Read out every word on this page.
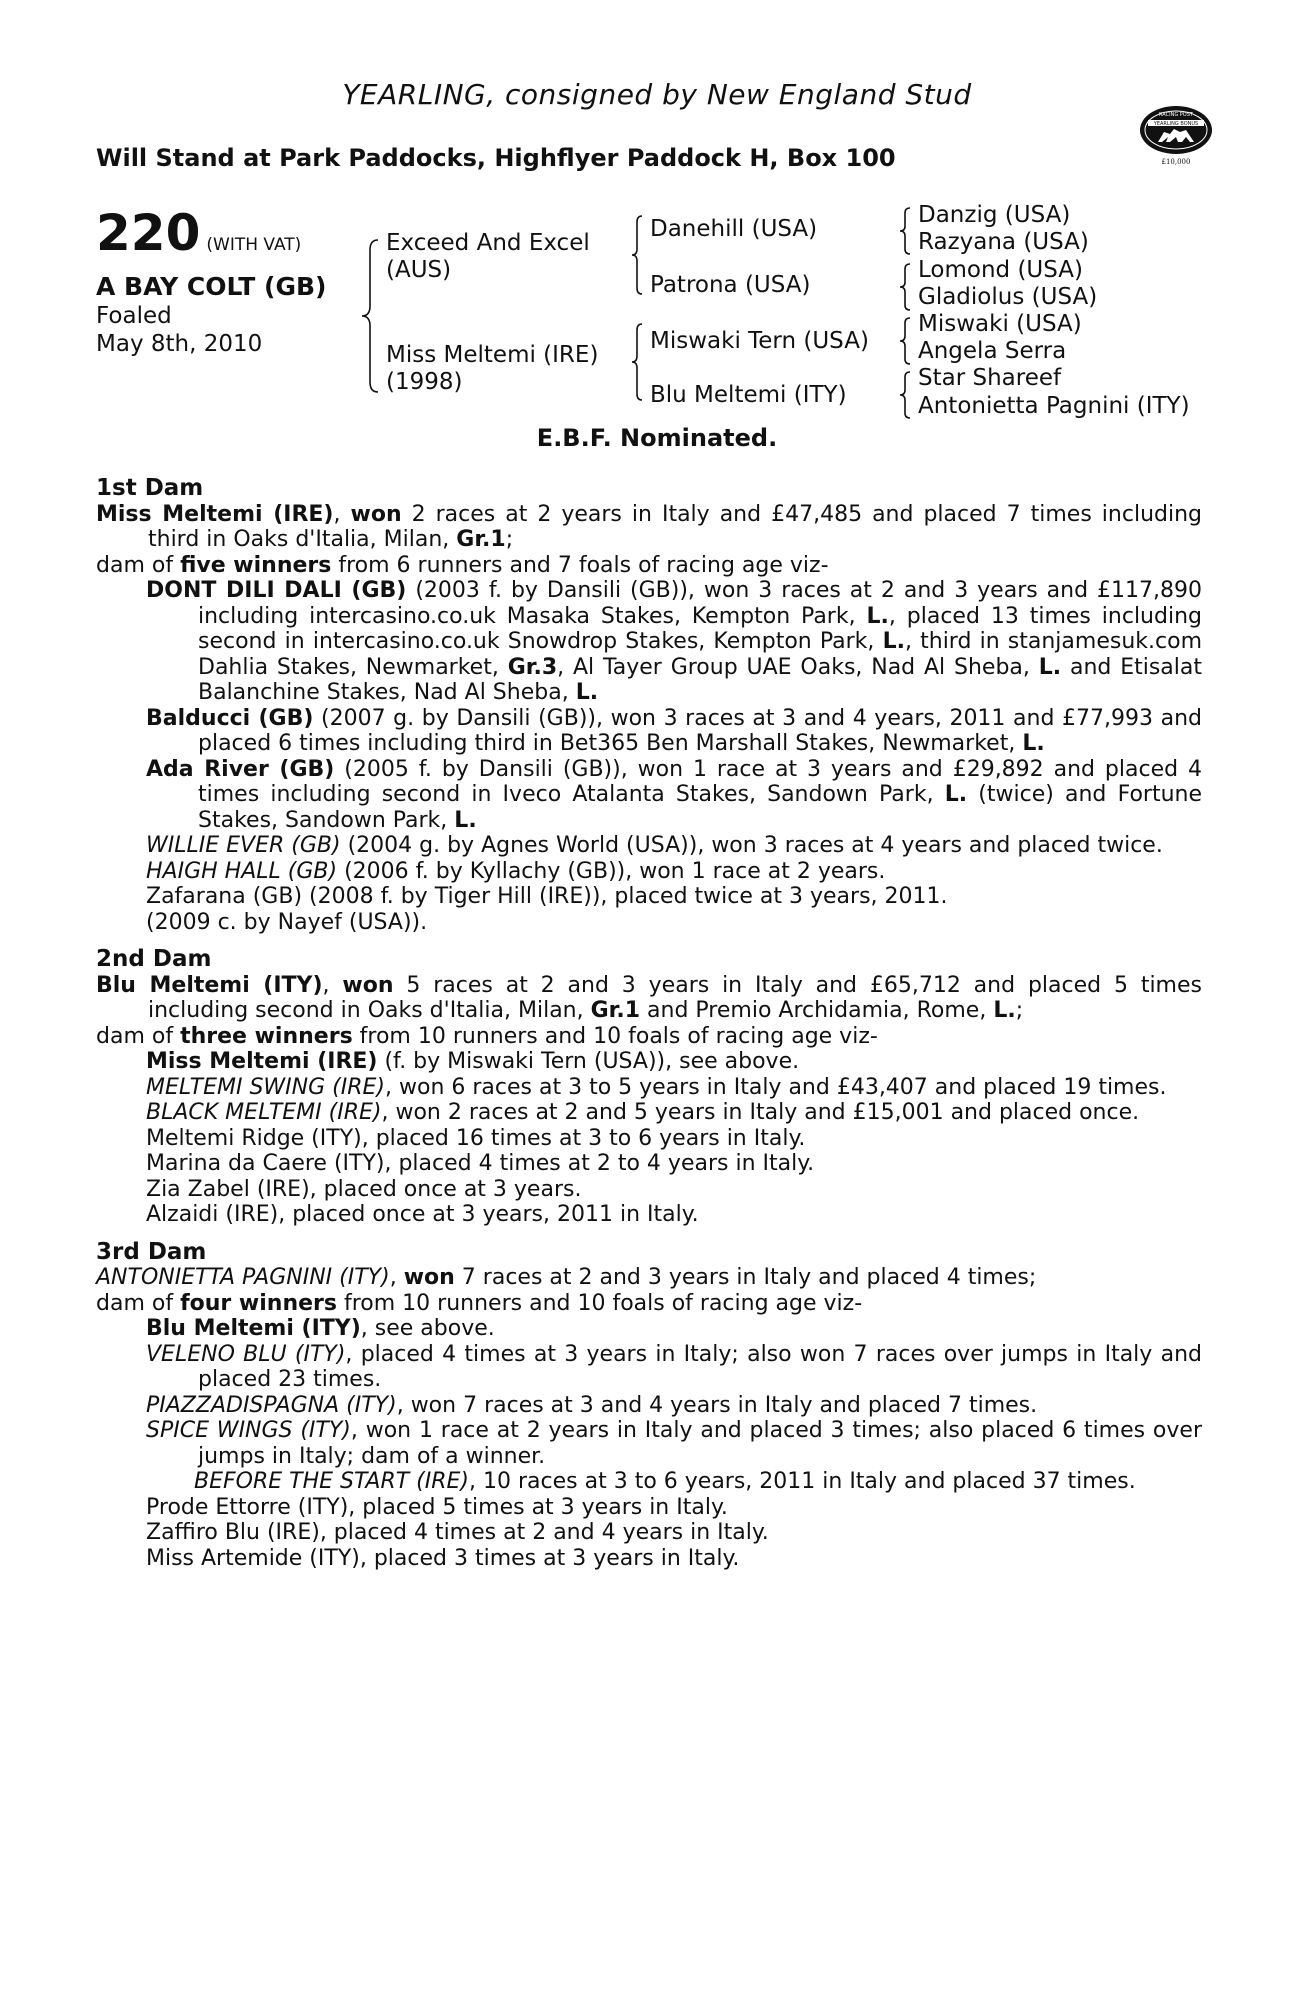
YEARLING, consigned by New England Stud
Will Stand at Park Paddocks, Highflyer Paddock H, Box 100
RACING POST
YEARLING BONUS
£10,000
220 (WITH VAT)
A BAY COLT (GB)
Foaled
May 8th, 2010
Exceed And Excel
(AUS)
Miss Meltemi (IRE)
(1998)
Danehill (USA)
Patrona (USA)
Miswaki Tern (USA)
Blu Meltemi (ITY)
Danzig (USA)
Razyana (USA)
Lomond (USA)
Gladiolus (USA)
Miswaki (USA)
Angela Serra
Star Shareef
Antonietta Pagnini (ITY)
E.B.F. Nominated.
1st Dam
Miss Meltemi (IRE), won 2 races at 2 years in Italy and £47,485 and placed 7 times including third in Oaks d'Italia, Milan, Gr.1;
dam of five winners from 6 runners and 7 foals of racing age viz-
DONT DILI DALI (GB) (2003 f. by Dansili (GB)), won 3 races at 2 and 3 years and £117,890 including intercasino.co.uk Masaka Stakes, Kempton Park, L., placed 13 times including second in intercasino.co.uk Snowdrop Stakes, Kempton Park, L., third in stanjamesuk.com Dahlia Stakes, Newmarket, Gr.3, Al Tayer Group UAE Oaks, Nad Al Sheba, L. and Etisalat Balanchine Stakes, Nad Al Sheba, L.
Balducci (GB) (2007 g. by Dansili (GB)), won 3 races at 3 and 4 years, 2011 and £77,993 and placed 6 times including third in Bet365 Ben Marshall Stakes, Newmarket, L.
Ada River (GB) (2005 f. by Dansili (GB)), won 1 race at 3 years and £29,892 and placed 4 times including second in Iveco Atalanta Stakes, Sandown Park, L. (twice) and Fortune Stakes, Sandown Park, L.
WILLIE EVER (GB) (2004 g. by Agnes World (USA)), won 3 races at 4 years and placed twice.
HAIGH HALL (GB) (2006 f. by Kyllachy (GB)), won 1 race at 2 years.
Zafarana (GB) (2008 f. by Tiger Hill (IRE)), placed twice at 3 years, 2011.
(2009 c. by Nayef (USA)).
2nd Dam
Blu Meltemi (ITY), won 5 races at 2 and 3 years in Italy and £65,712 and placed 5 times including second in Oaks d'Italia, Milan, Gr.1 and Premio Archidamia, Rome, L.;
dam of three winners from 10 runners and 10 foals of racing age viz-
Miss Meltemi (IRE) (f. by Miswaki Tern (USA)), see above.
MELTEMI SWING (IRE), won 6 races at 3 to 5 years in Italy and £43,407 and placed 19 times.
BLACK MELTEMI (IRE), won 2 races at 2 and 5 years in Italy and £15,001 and placed once.
Meltemi Ridge (ITY), placed 16 times at 3 to 6 years in Italy.
Marina da Caere (ITY), placed 4 times at 2 to 4 years in Italy.
Zia Zabel (IRE), placed once at 3 years.
Alzaidi (IRE), placed once at 3 years, 2011 in Italy.
3rd Dam
ANTONIETTA PAGNINI (ITY), won 7 races at 2 and 3 years in Italy and placed 4 times;
dam of four winners from 10 runners and 10 foals of racing age viz-
Blu Meltemi (ITY), see above.
VELENO BLU (ITY), placed 4 times at 3 years in Italy; also won 7 races over jumps in Italy and placed 23 times.
PIAZZADISPAGNA (ITY), won 7 races at 3 and 4 years in Italy and placed 7 times.
SPICE WINGS (ITY), won 1 race at 2 years in Italy and placed 3 times; also placed 6 times over jumps in Italy; dam of a winner.
BEFORE THE START (IRE), 10 races at 3 to 6 years, 2011 in Italy and placed 37 times.
Prode Ettorre (ITY), placed 5 times at 3 years in Italy.
Zaffiro Blu (IRE), placed 4 times at 2 and 4 years in Italy.
Miss Artemide (ITY), placed 3 times at 3 years in Italy.
